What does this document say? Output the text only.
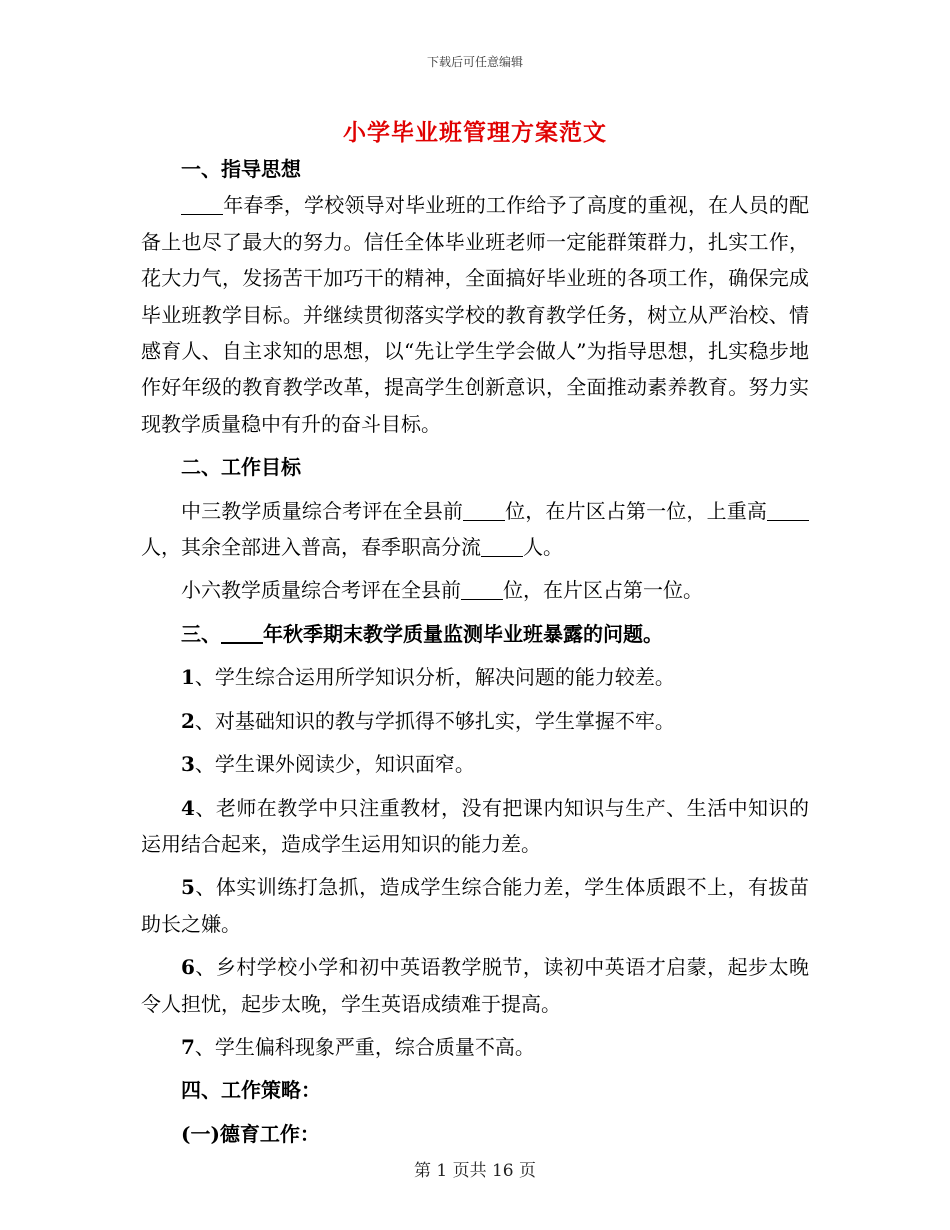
下载后可任意编辑
小学毕业班管理方案范文

一、指导思想

年春季，学校领导对毕业班的工作给予了高度的重视，在人员的配备上也尽了最大的努力。信任全体毕业班老师一定能群策群力，扎实工作，花大力气，发扬苦干加巧干的精神，全面搞好毕业班的各项工作，确保完成毕业班教学目标。并继续贯彻落实学校的教育教学任务，树立从严治校、情感育人、自主求知的思想，以“先让学生学会做人”为指导思想，扎实稳步地作好年级的教育教学改革，提高学生创新意识，全面推动素养教育。努力实现教学质量稳中有升的奋斗目标。

二、工作目标

中三教学质量综合考评在全县前 位，在片区占第一位，上重高人，其余全部进入普高，春季职高分流 人。

小六教学质量综合考评在全县前 位，在片区占第一位。

三、 年秋季期末教学质量监测毕业班暴露的问题。

1、学生综合运用所学知识分析，解决问题的能力较差。

2、对基础知识的教与学抓得不够扎实，学生掌握不牢。

3、学生课外阅读少，知识面窄。

4、老师在教学中只注重教材，没有把课内知识与生产、生活中知识的运用结合起来，造成学生运用知识的能力差。

5、体实训练打急抓，造成学生综合能力差，学生体质跟不上，有拔苗助长之嫌。

6、乡村学校小学和初中英语教学脱节，读初中英语才启蒙，起步太晚令人担忧，起步太晚，学生英语成绩难于提高。

7、学生偏科现象严重，综合质量不高。

四、工作策略：

(一)德育工作：

第 1 页共 16 页
